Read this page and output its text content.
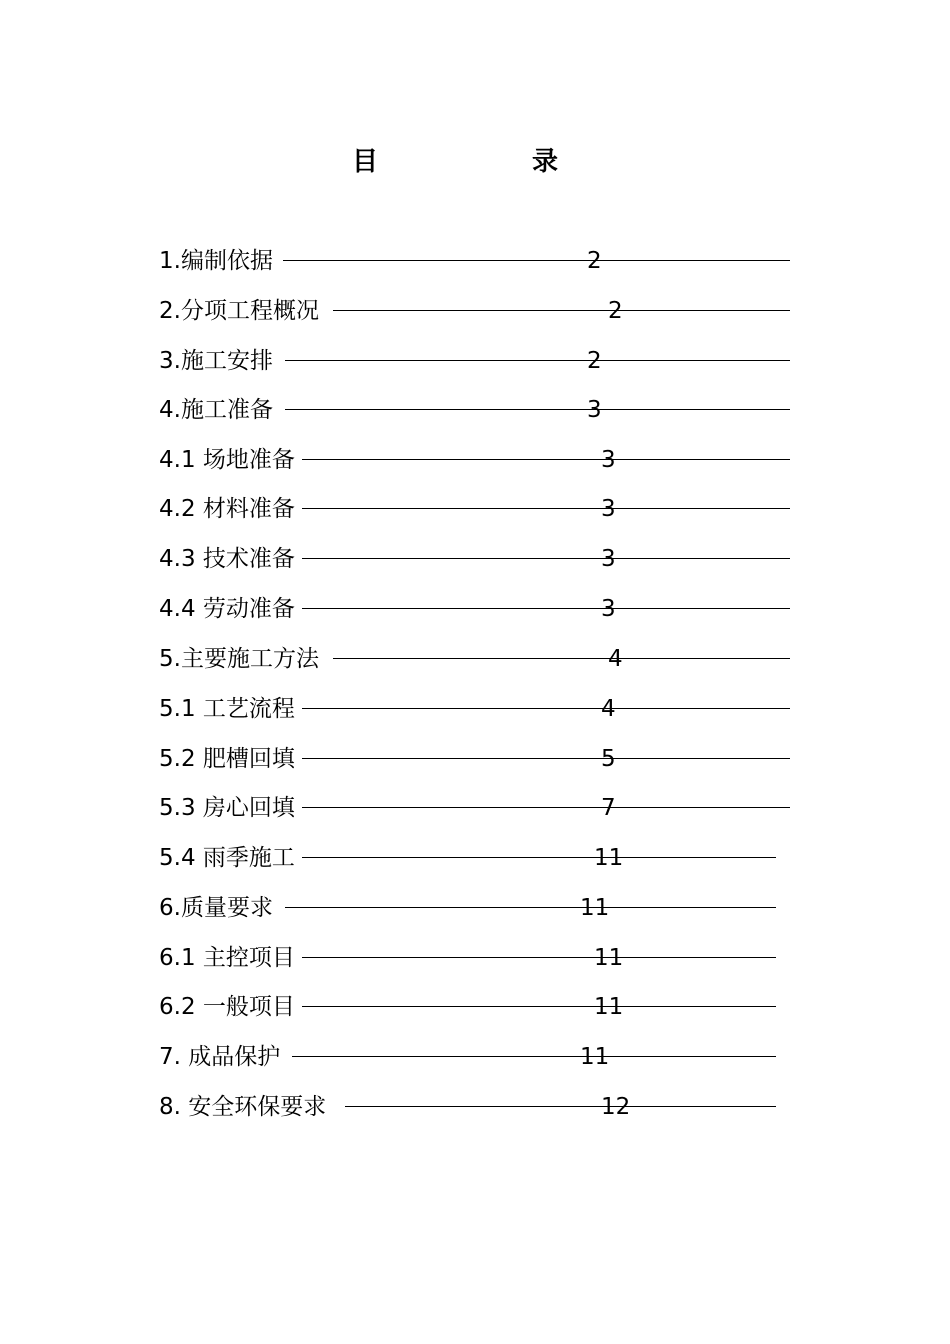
目　录
1.编制依据	2
2.分项工程概况	2
3.施工安排	2
4.施工准备	3
4.1 场地准备	3
4.2 材料准备	3
4.3 技术准备	3
4.4 劳动准备	3
5.主要施工方法	4
5.1 工艺流程	4
5.2 肥槽回填	5
5.3 房心回填	7
5.4 雨季施工	11
6.质量要求	11
6.1 主控项目	11
6.2 一般项目	11
7. 成品保护	11
8. 安全环保要求	12
